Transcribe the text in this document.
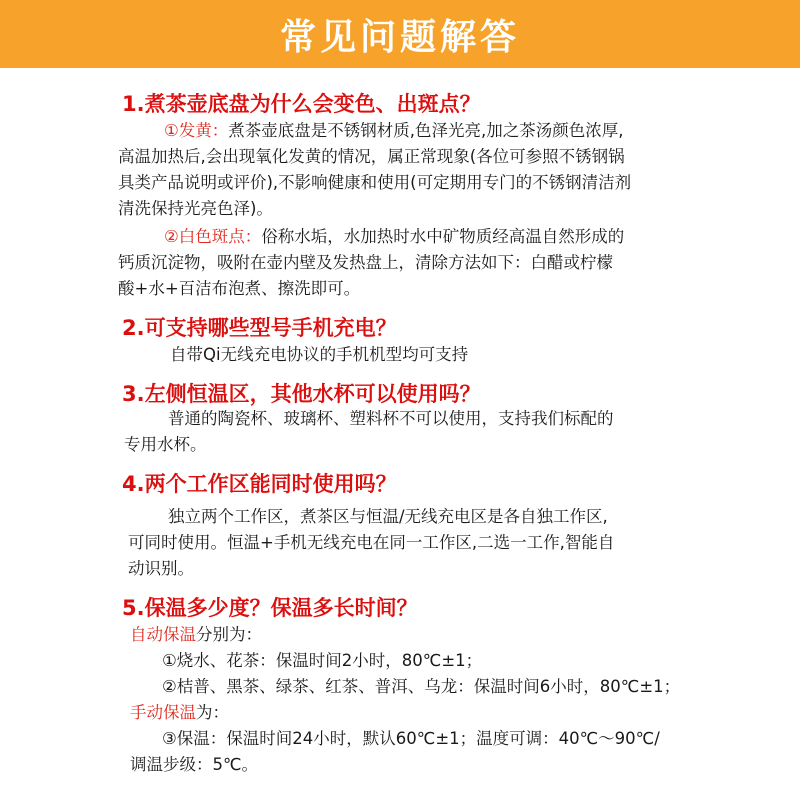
常见问题解答
1.煮茶壶底盘为什么会变色、出斑点？
①发黄：煮茶壶底盘是不锈钢材质,色泽光亮,加之茶汤颜色浓厚,
高温加热后,会出现氧化发黄的情况，属正常现象(各位可参照不锈钢锅
具类产品说明或评价),不影响健康和使用(可定期用专门的不锈钢清洁剂
清洗保持光亮色泽)。
②白色斑点：俗称水垢，水加热时水中矿物质经高温自然形成的
钙质沉淀物，吸附在壶内壁及发热盘上，清除方法如下：白醋或柠檬
酸+水+百洁布泡煮、擦洗即可。
2.可支持哪些型号手机充电？
自带Qi无线充电协议的手机机型均可支持
3.左侧恒温区，其他水杯可以使用吗？
普通的陶瓷杯、玻璃杯、塑料杯不可以使用，支持我们标配的
专用水杯。
4.两个工作区能同时使用吗？
独立两个工作区，煮茶区与恒温/无线充电区是各自独工作区,
可同时使用。恒温+手机无线充电在同一工作区,二选一工作,智能自
动识别。
5.保温多少度？保温多长时间？
自动保温分别为：
①烧水、花茶：保温时间2小时，80℃±1；
②桔普、黑茶、绿茶、红茶、普洱、乌龙：保温时间6小时，80℃±1；
手动保温为：
③保温：保温时间24小时，默认60℃±1；温度可调：40℃～90℃/
调温步级：5℃。
